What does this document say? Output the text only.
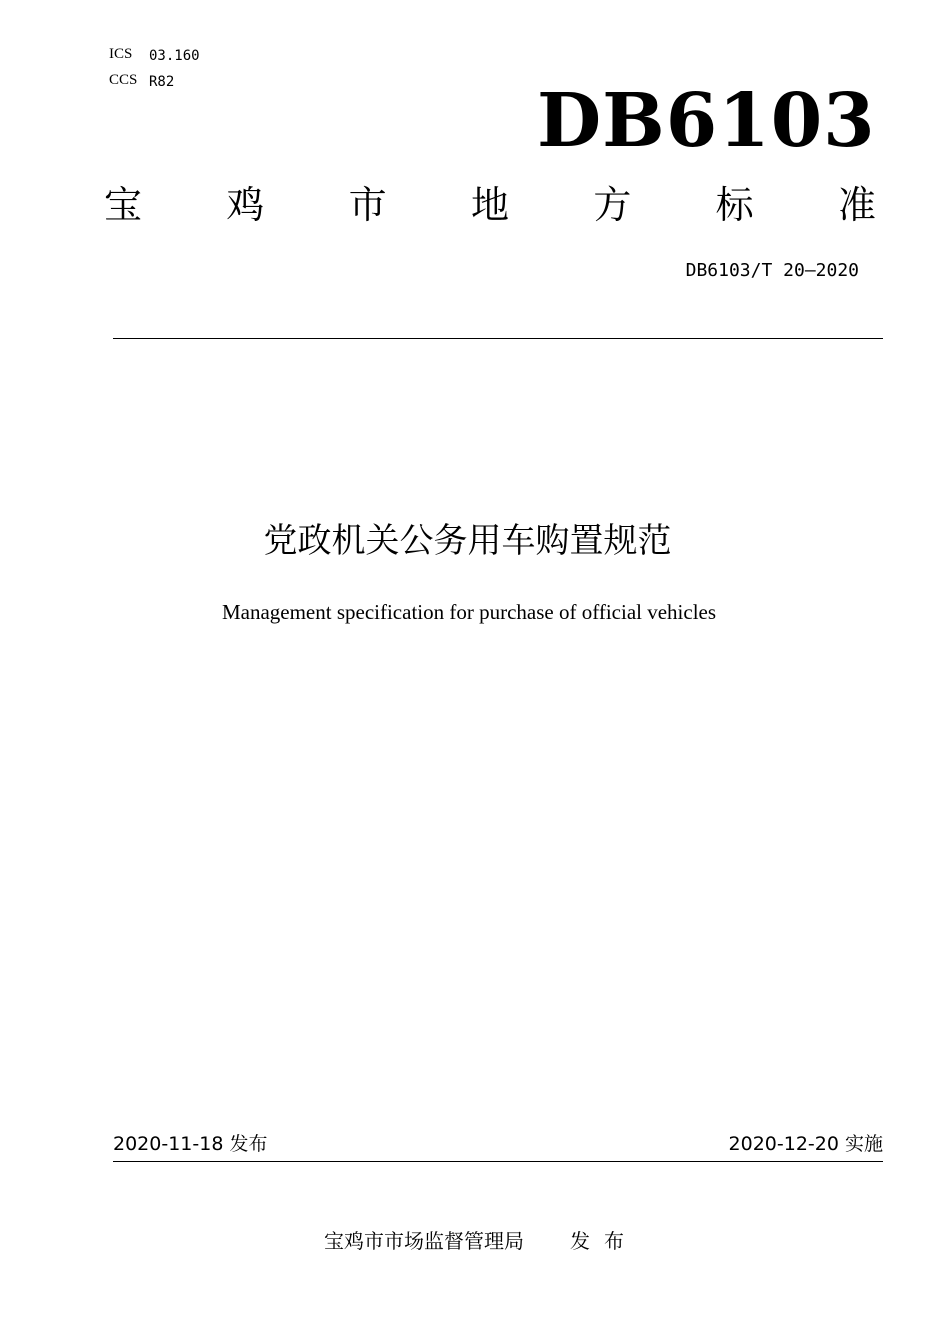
ICS 03.160
CCS R82	DB6103
宝 鸡 市 地 方 标 准
DB6103/T 20—2020
党政机关公务用车购置规范
Management specification for purchase of official vehicles
2020-11-18 发布	2020-12-20 实施
宝鸡市市场监督管理局 发布
